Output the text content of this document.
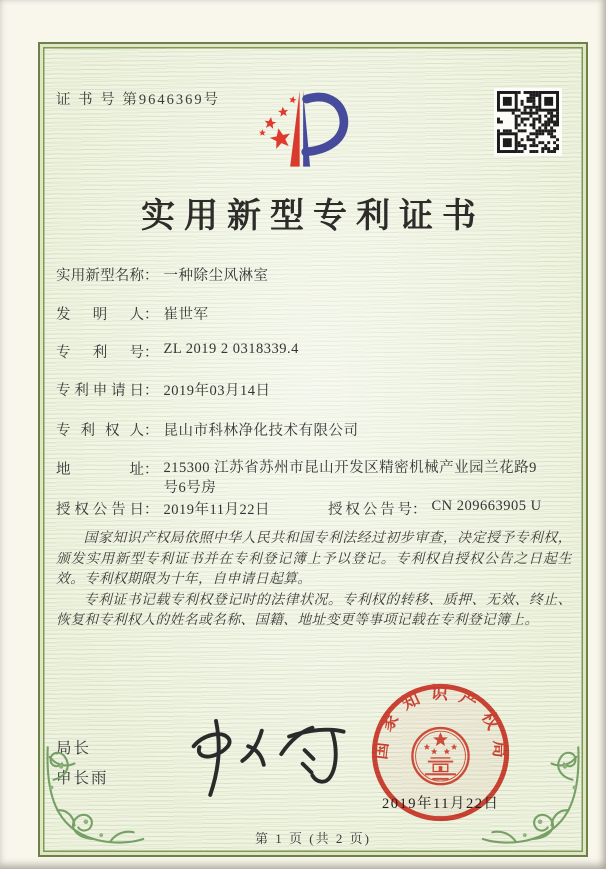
证 书 号 第9646369号
实用新型专利证书
实用新型名称： 一种除尘风淋室
发明人： 崔世军
专利号： ZL 2019 2 0318339.4
专利申请日： 2019年03月14日
专利权人： 昆山市科林净化技术有限公司
地址： 215300 江苏省苏州市昆山开发区精密机械产业园兰花路9号6号房
授权公告日： 2019年11月22日	授权公告号： CN 209663905 U

国家知识产权局依照中华人民共和国专利法经过初步审查，决定授予专利权，颁发实用新型专利证书并在专利登记簿上予以登记。专利权自授权公告之日起生效。专利权期限为十年，自申请日起算。

专利证书记载专利权登记时的法律状况。专利权的转移、质押、无效、终止、恢复和专利权人的姓名或名称、国籍、地址变更等事项记载在专利登记簿上。

局长
申长雨
国家知识产权局
2019年11月22日
第 1 页 (共 2 页)
